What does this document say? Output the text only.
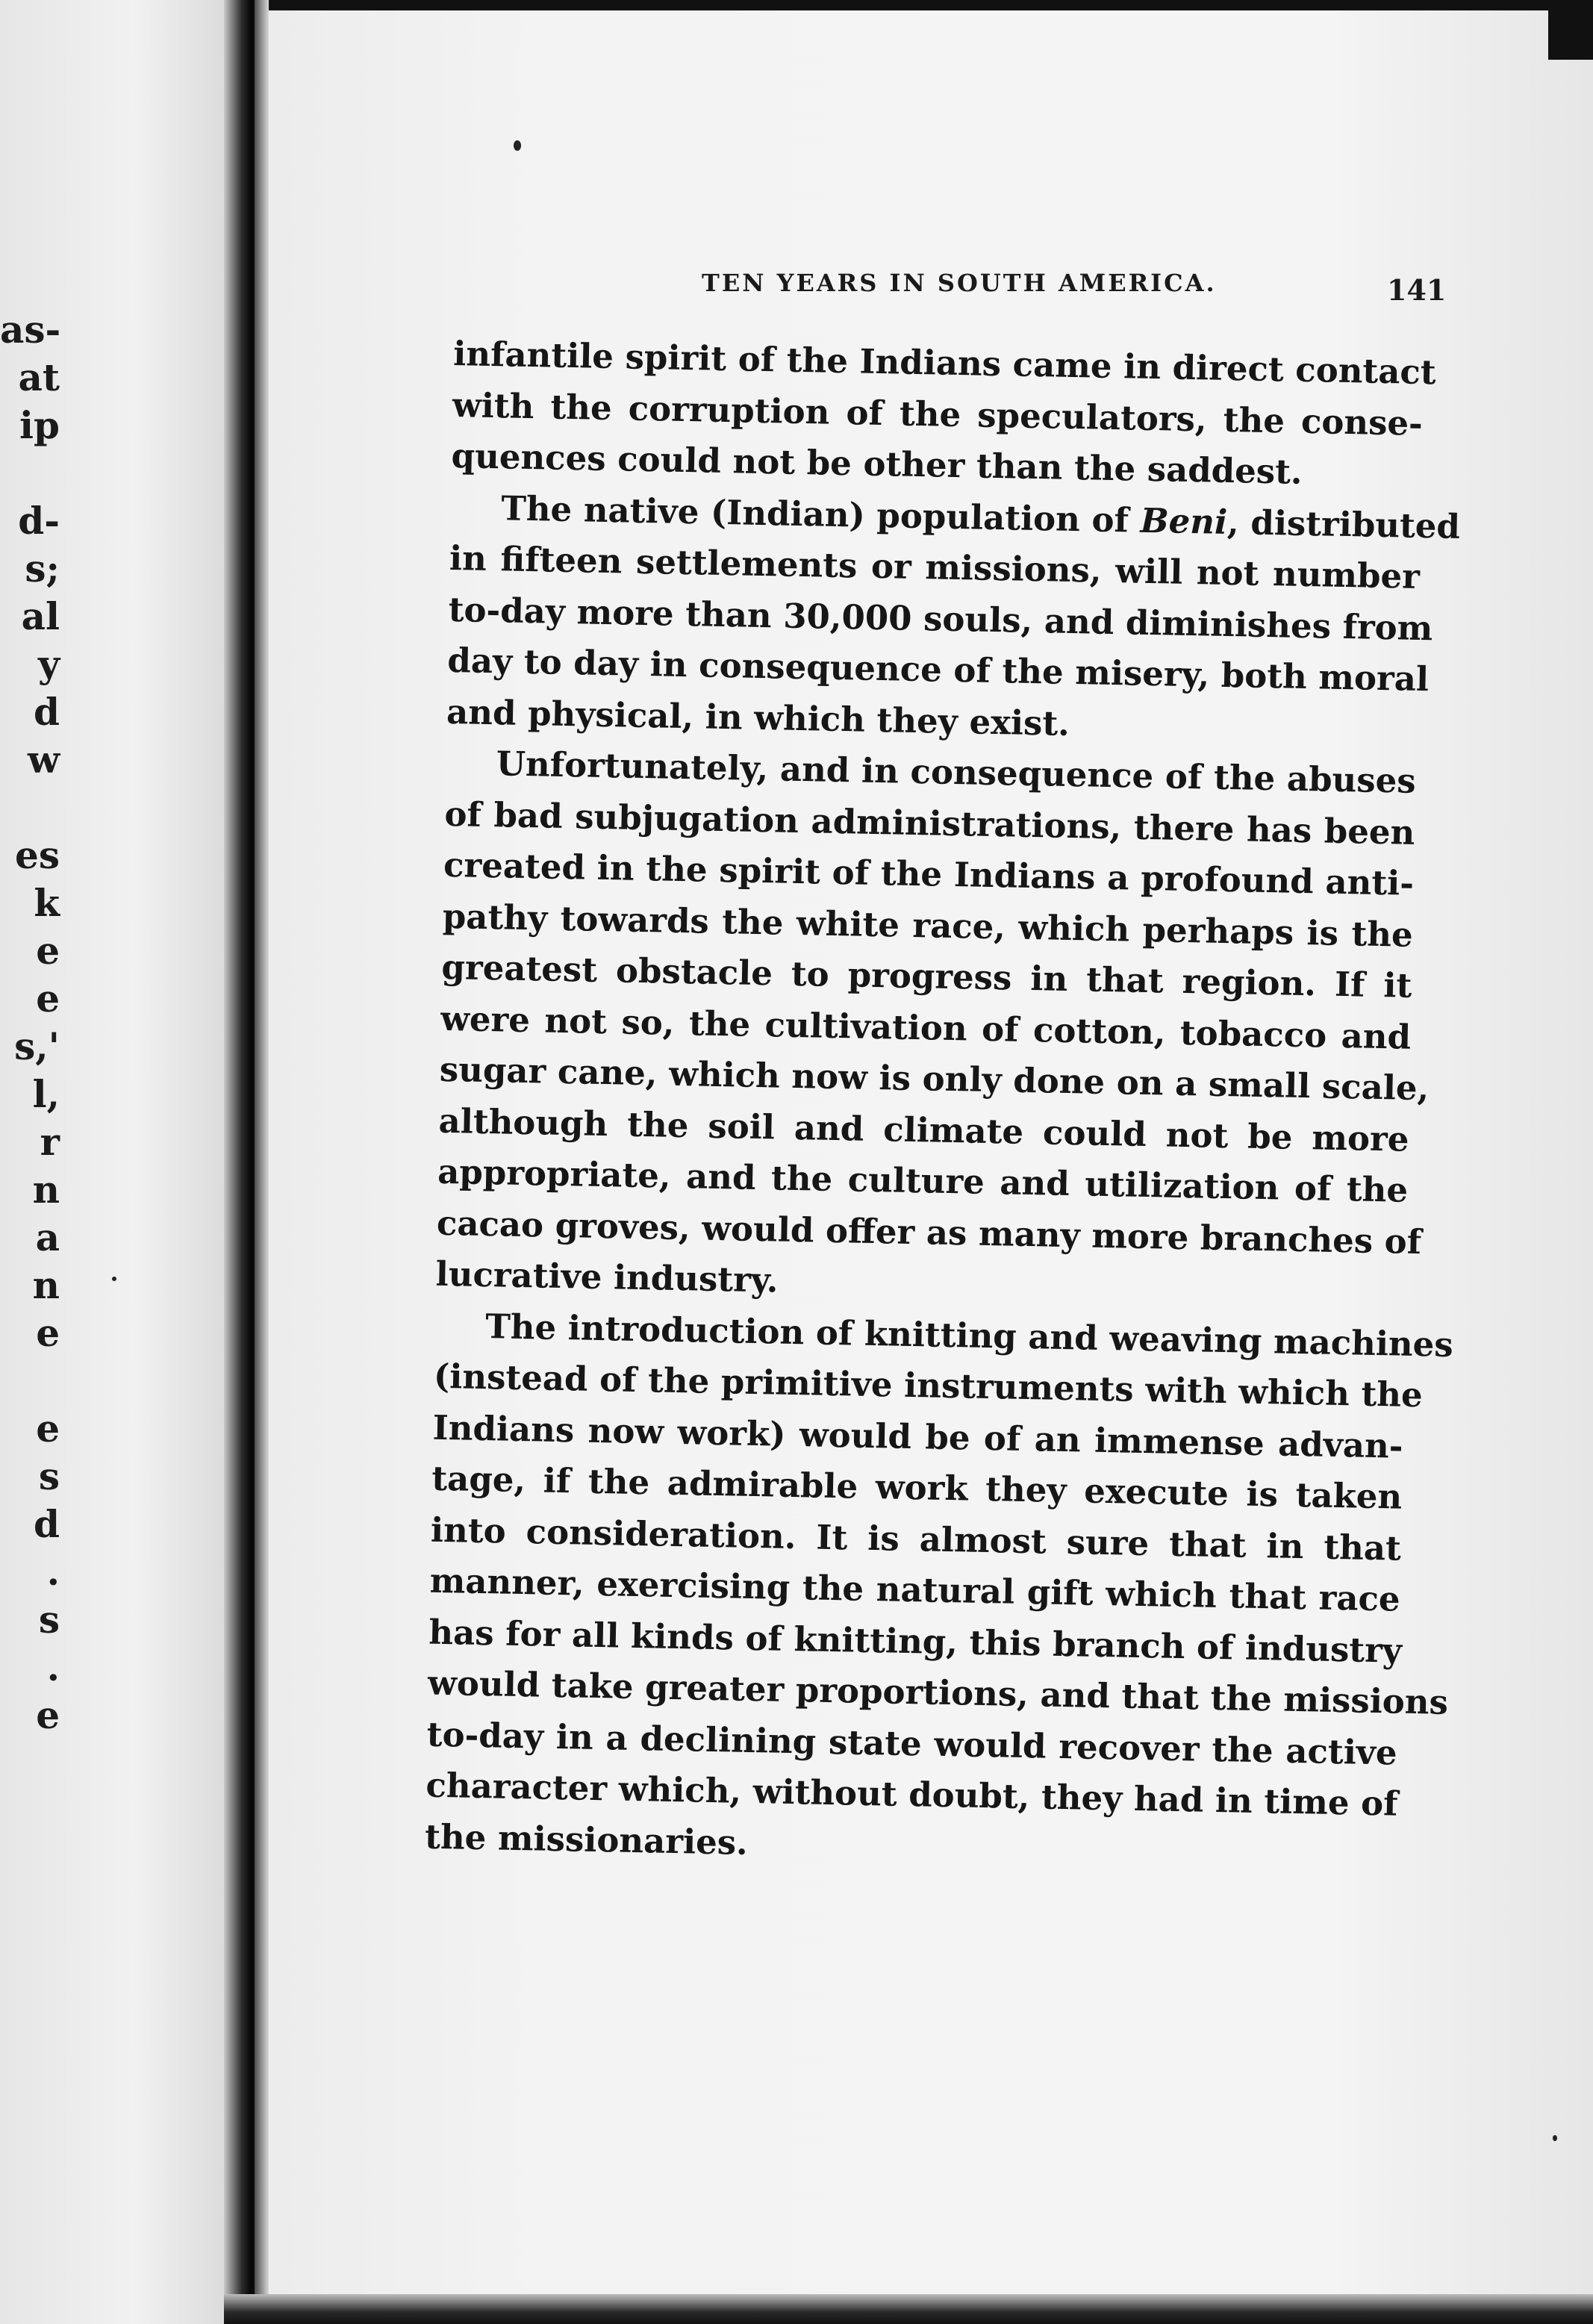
as-
at
ip
d-
s;
al
y
d
w
es
k
e
e
s,'
l,
r
n
a
n
e
e
s
d
.
s
.
e
TEN YEARS IN SOUTH AMERICA.	141
infantile spirit of the Indians came in direct contact
with the corruption of the speculators, the conse-
quences could not be other than the saddest.
The native (Indian) population of Beni, distributed
in fifteen settlements or missions, will not number
to-day more than 30,000 souls, and diminishes from
day to day in consequence of the misery, both moral
and physical, in which they exist.
Unfortunately, and in consequence of the abuses
of bad subjugation administrations, there has been
created in the spirit of the Indians a profound anti-
pathy towards the white race, which perhaps is the
greatest obstacle to progress in that region. If it
were not so, the cultivation of cotton, tobacco and
sugar cane, which now is only done on a small scale,
although the soil and climate could not be more
appropriate, and the culture and utilization of the
cacao groves, would offer as many more branches of
lucrative industry.
The introduction of knitting and weaving machines
(instead of the primitive instruments with which the
Indians now work) would be of an immense advan-
tage, if the admirable work they execute is taken
into consideration. It is almost sure that in that
manner, exercising the natural gift which that race
has for all kinds of knitting, this branch of industry
would take greater proportions, and that the missions
to-day in a declining state would recover the active
character which, without doubt, they had in time of
the missionaries.
